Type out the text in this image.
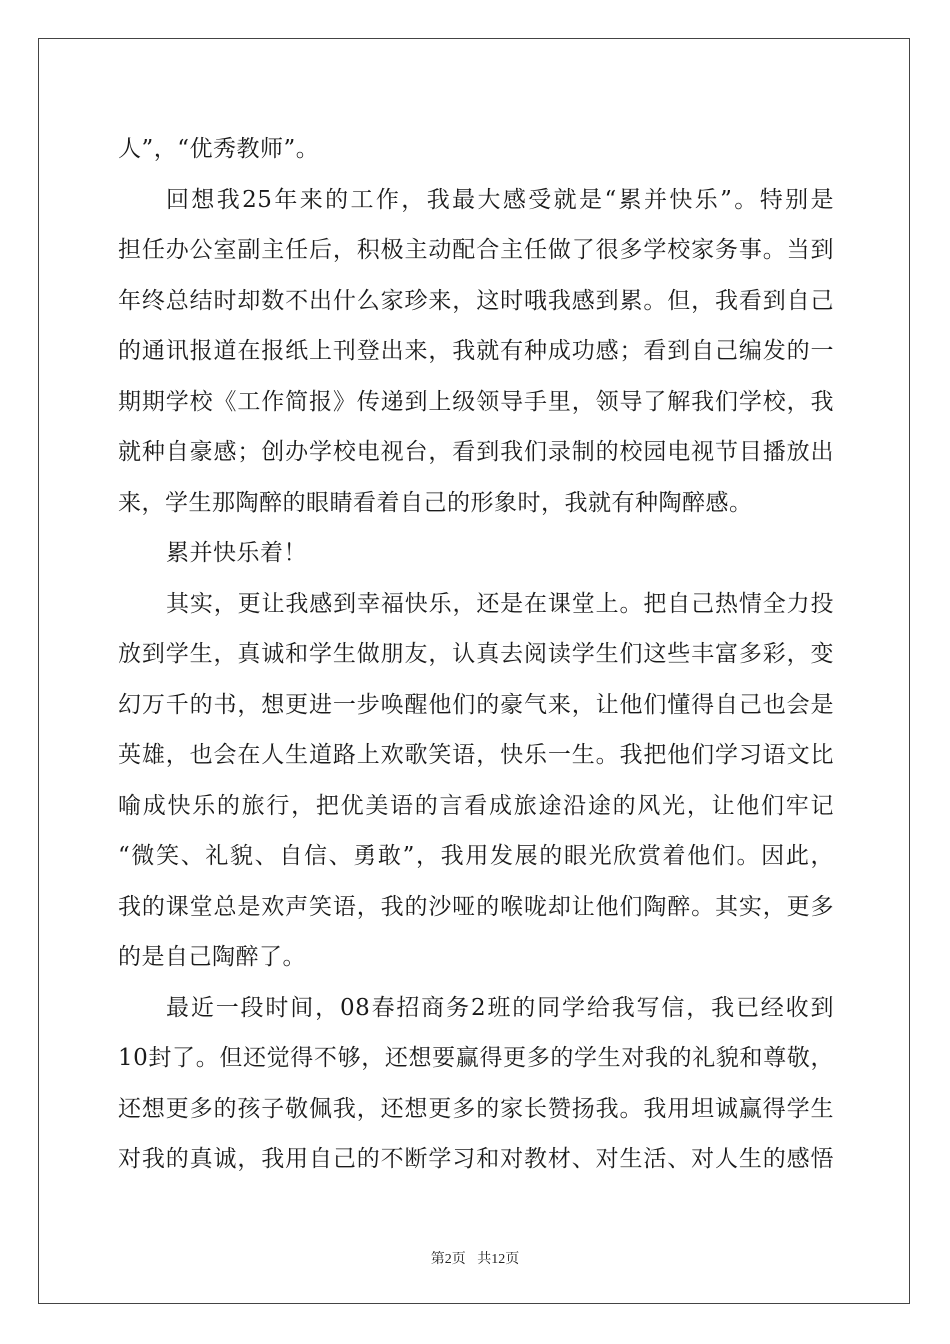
人”，“优秀教师”。
回想我25年来的工作，我最大感受就是“累并快乐”。特别是
担任办公室副主任后，积极主动配合主任做了很多学校家务事。当到
年终总结时却数不出什么家珍来，这时哦我感到累。但，我看到自己
的通讯报道在报纸上刊登出来，我就有种成功感；看到自己编发的一
期期学校《工作简报》传递到上级领导手里，领导了解我们学校，我
就种自豪感；创办学校电视台，看到我们录制的校园电视节目播放出
来，学生那陶醉的眼睛看着自己的形象时，我就有种陶醉感。
累并快乐着！
其实，更让我感到幸福快乐，还是在课堂上。把自己热情全力投
放到学生，真诚和学生做朋友，认真去阅读学生们这些丰富多彩，变
幻万千的书，想更进一步唤醒他们的豪气来，让他们懂得自己也会是
英雄，也会在人生道路上欢歌笑语，快乐一生。我把他们学习语文比
喻成快乐的旅行，把优美语的言看成旅途沿途的风光，让他们牢记
“微笑、礼貌、自信、勇敢”，我用发展的眼光欣赏着他们。因此，
我的课堂总是欢声笑语，我的沙哑的喉咙却让他们陶醉。其实，更多
的是自己陶醉了。
最近一段时间，08春招商务2班的同学给我写信，我已经收到
10封了。但还觉得不够，还想要赢得更多的学生对我的礼貌和尊敬，
还想更多的孩子敬佩我，还想更多的家长赞扬我。我用坦诚赢得学生
对我的真诚，我用自己的不断学习和对教材、对生活、对人生的感悟
第2页 共12页
